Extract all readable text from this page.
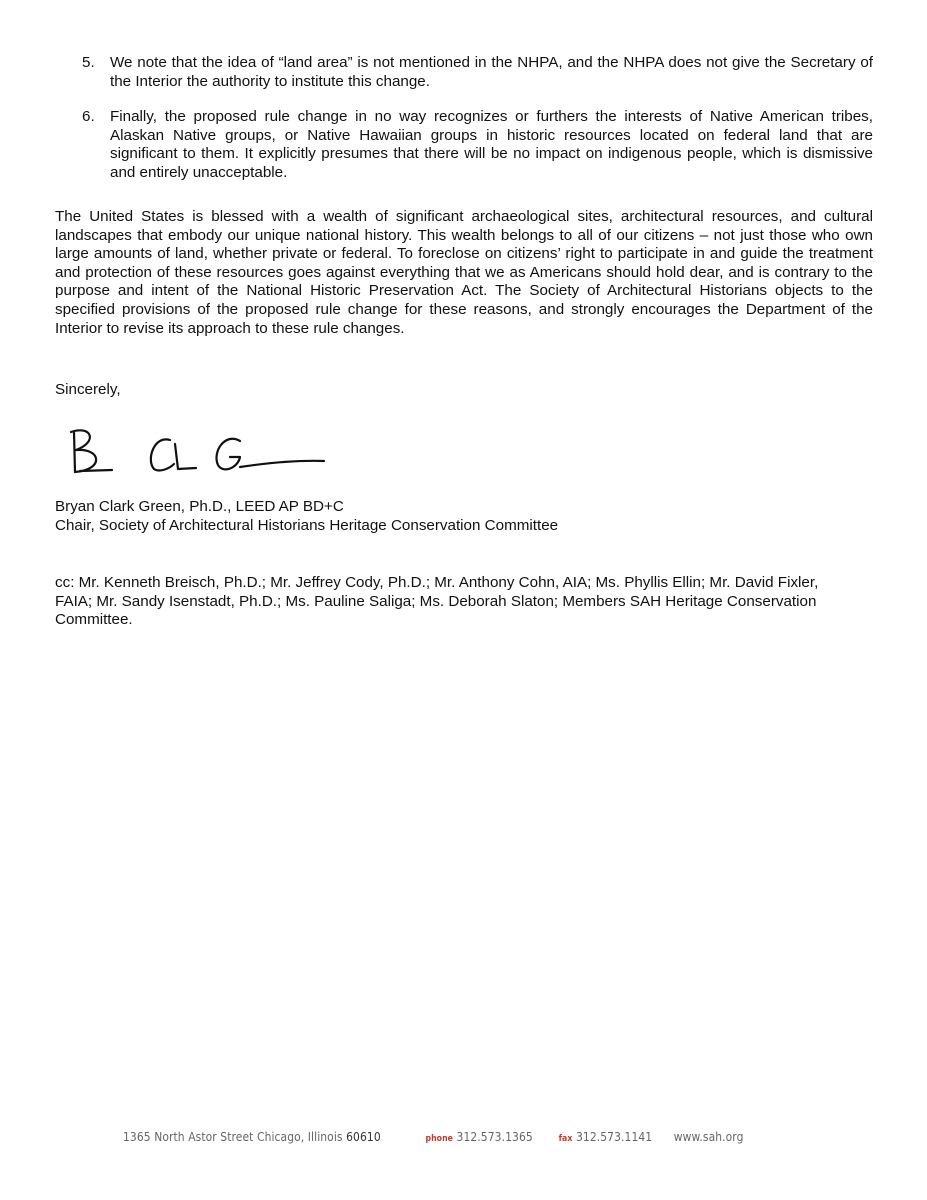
5. We note that the idea of “land area” is not mentioned in the NHPA, and the NHPA does not give the Secretary of the Interior the authority to institute this change.
6. Finally, the proposed rule change in no way recognizes or furthers the interests of Native American tribes, Alaskan Native groups, or Native Hawaiian groups in historic resources located on federal land that are significant to them. It explicitly presumes that there will be no impact on indigenous people, which is dismissive and entirely unacceptable.

The United States is blessed with a wealth of significant archaeological sites, architectural resources, and cultural landscapes that embody our unique national history. This wealth belongs to all of our citizens – not just those who own large amounts of land, whether private or federal. To foreclose on citizens’ right to participate in and guide the treatment and protection of these resources goes against everything that we as Americans should hold dear, and is contrary to the purpose and intent of the National Historic Preservation Act. The Society of Architectural Historians objects to the specified provisions of the proposed rule change for these reasons, and strongly encourages the Department of the Interior to revise its approach to these rule changes.

Sincerely,

Bryan Clark Green, Ph.D., LEED AP BD+C
Chair, Society of Architectural Historians Heritage Conservation Committee

cc: Mr. Kenneth Breisch, Ph.D.; Mr. Jeffrey Cody, Ph.D.; Mr. Anthony Cohn, AIA; Ms. Phyllis Ellin; Mr. David Fixler, FAIA; Mr. Sandy Isenstadt, Ph.D.; Ms. Pauline Saliga; Ms. Deborah Slaton; Members SAH Heritage Conservation Committee.

1365 North Astor Street Chicago, Illinois 60610	phone 312.573.1365	fax 312.573.1141 www.sah.org
